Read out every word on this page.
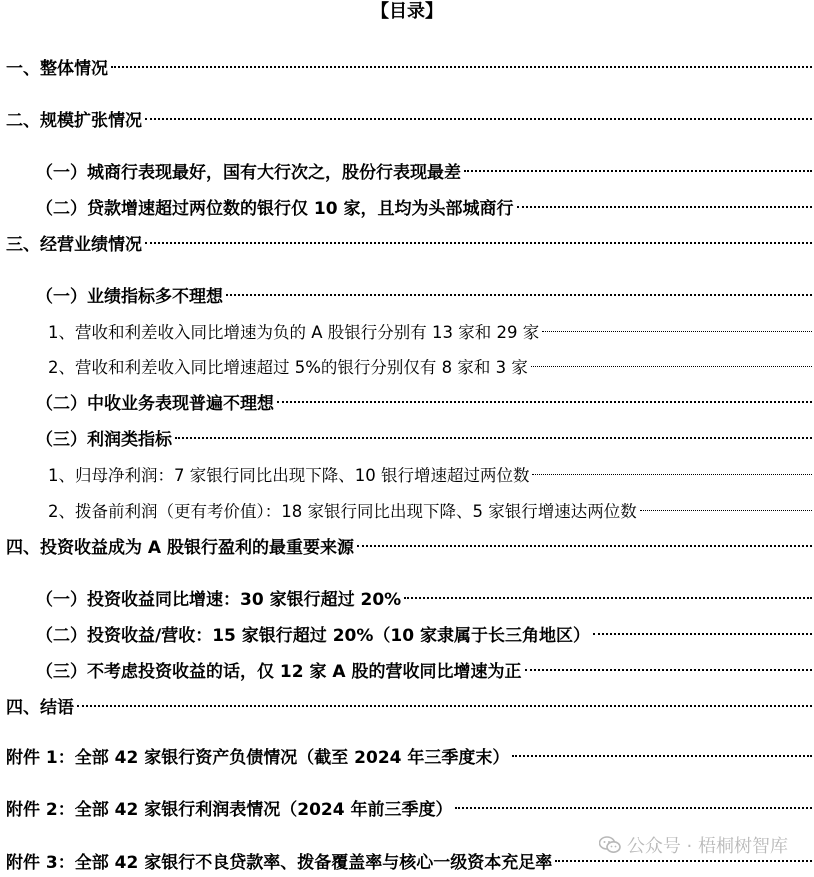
【目录】
一、整体情况
二、规模扩张情况
（一）城商行表现最好，国有大行次之，股份行表现最差
（二）贷款增速超过两位数的银行仅 10 家，且均为头部城商行
三、经营业绩情况
（一）业绩指标多不理想
1、营收和利差收入同比增速为负的 A 股银行分别有 13 家和 29 家
2、营收和利差收入同比增速超过 5%的银行分别仅有 8 家和 3 家
（二）中收业务表现普遍不理想
（三）利润类指标
1、归母净利润：7 家银行同比出现下降、10 银行增速超过两位数
2、拨备前利润（更有考价值）：18 家银行同比出现下降、5 家银行增速达两位数
四、投资收益成为 A 股银行盈利的最重要来源
（一）投资收益同比增速：30 家银行超过 20%
（二）投资收益/营收：15 家银行超过 20%（10 家隶属于长三角地区）
（三）不考虑投资收益的话，仅 12 家 A 股的营收同比增速为正
四、结语
附件 1：全部 42 家银行资产负债情况（截至 2024 年三季度末）
附件 2：全部 42 家银行利润表情况（2024 年前三季度）
附件 3：全部 42 家银行不良贷款率、拨备覆盖率与核心一级资本充足率
公众号 · 梧桐树智库
